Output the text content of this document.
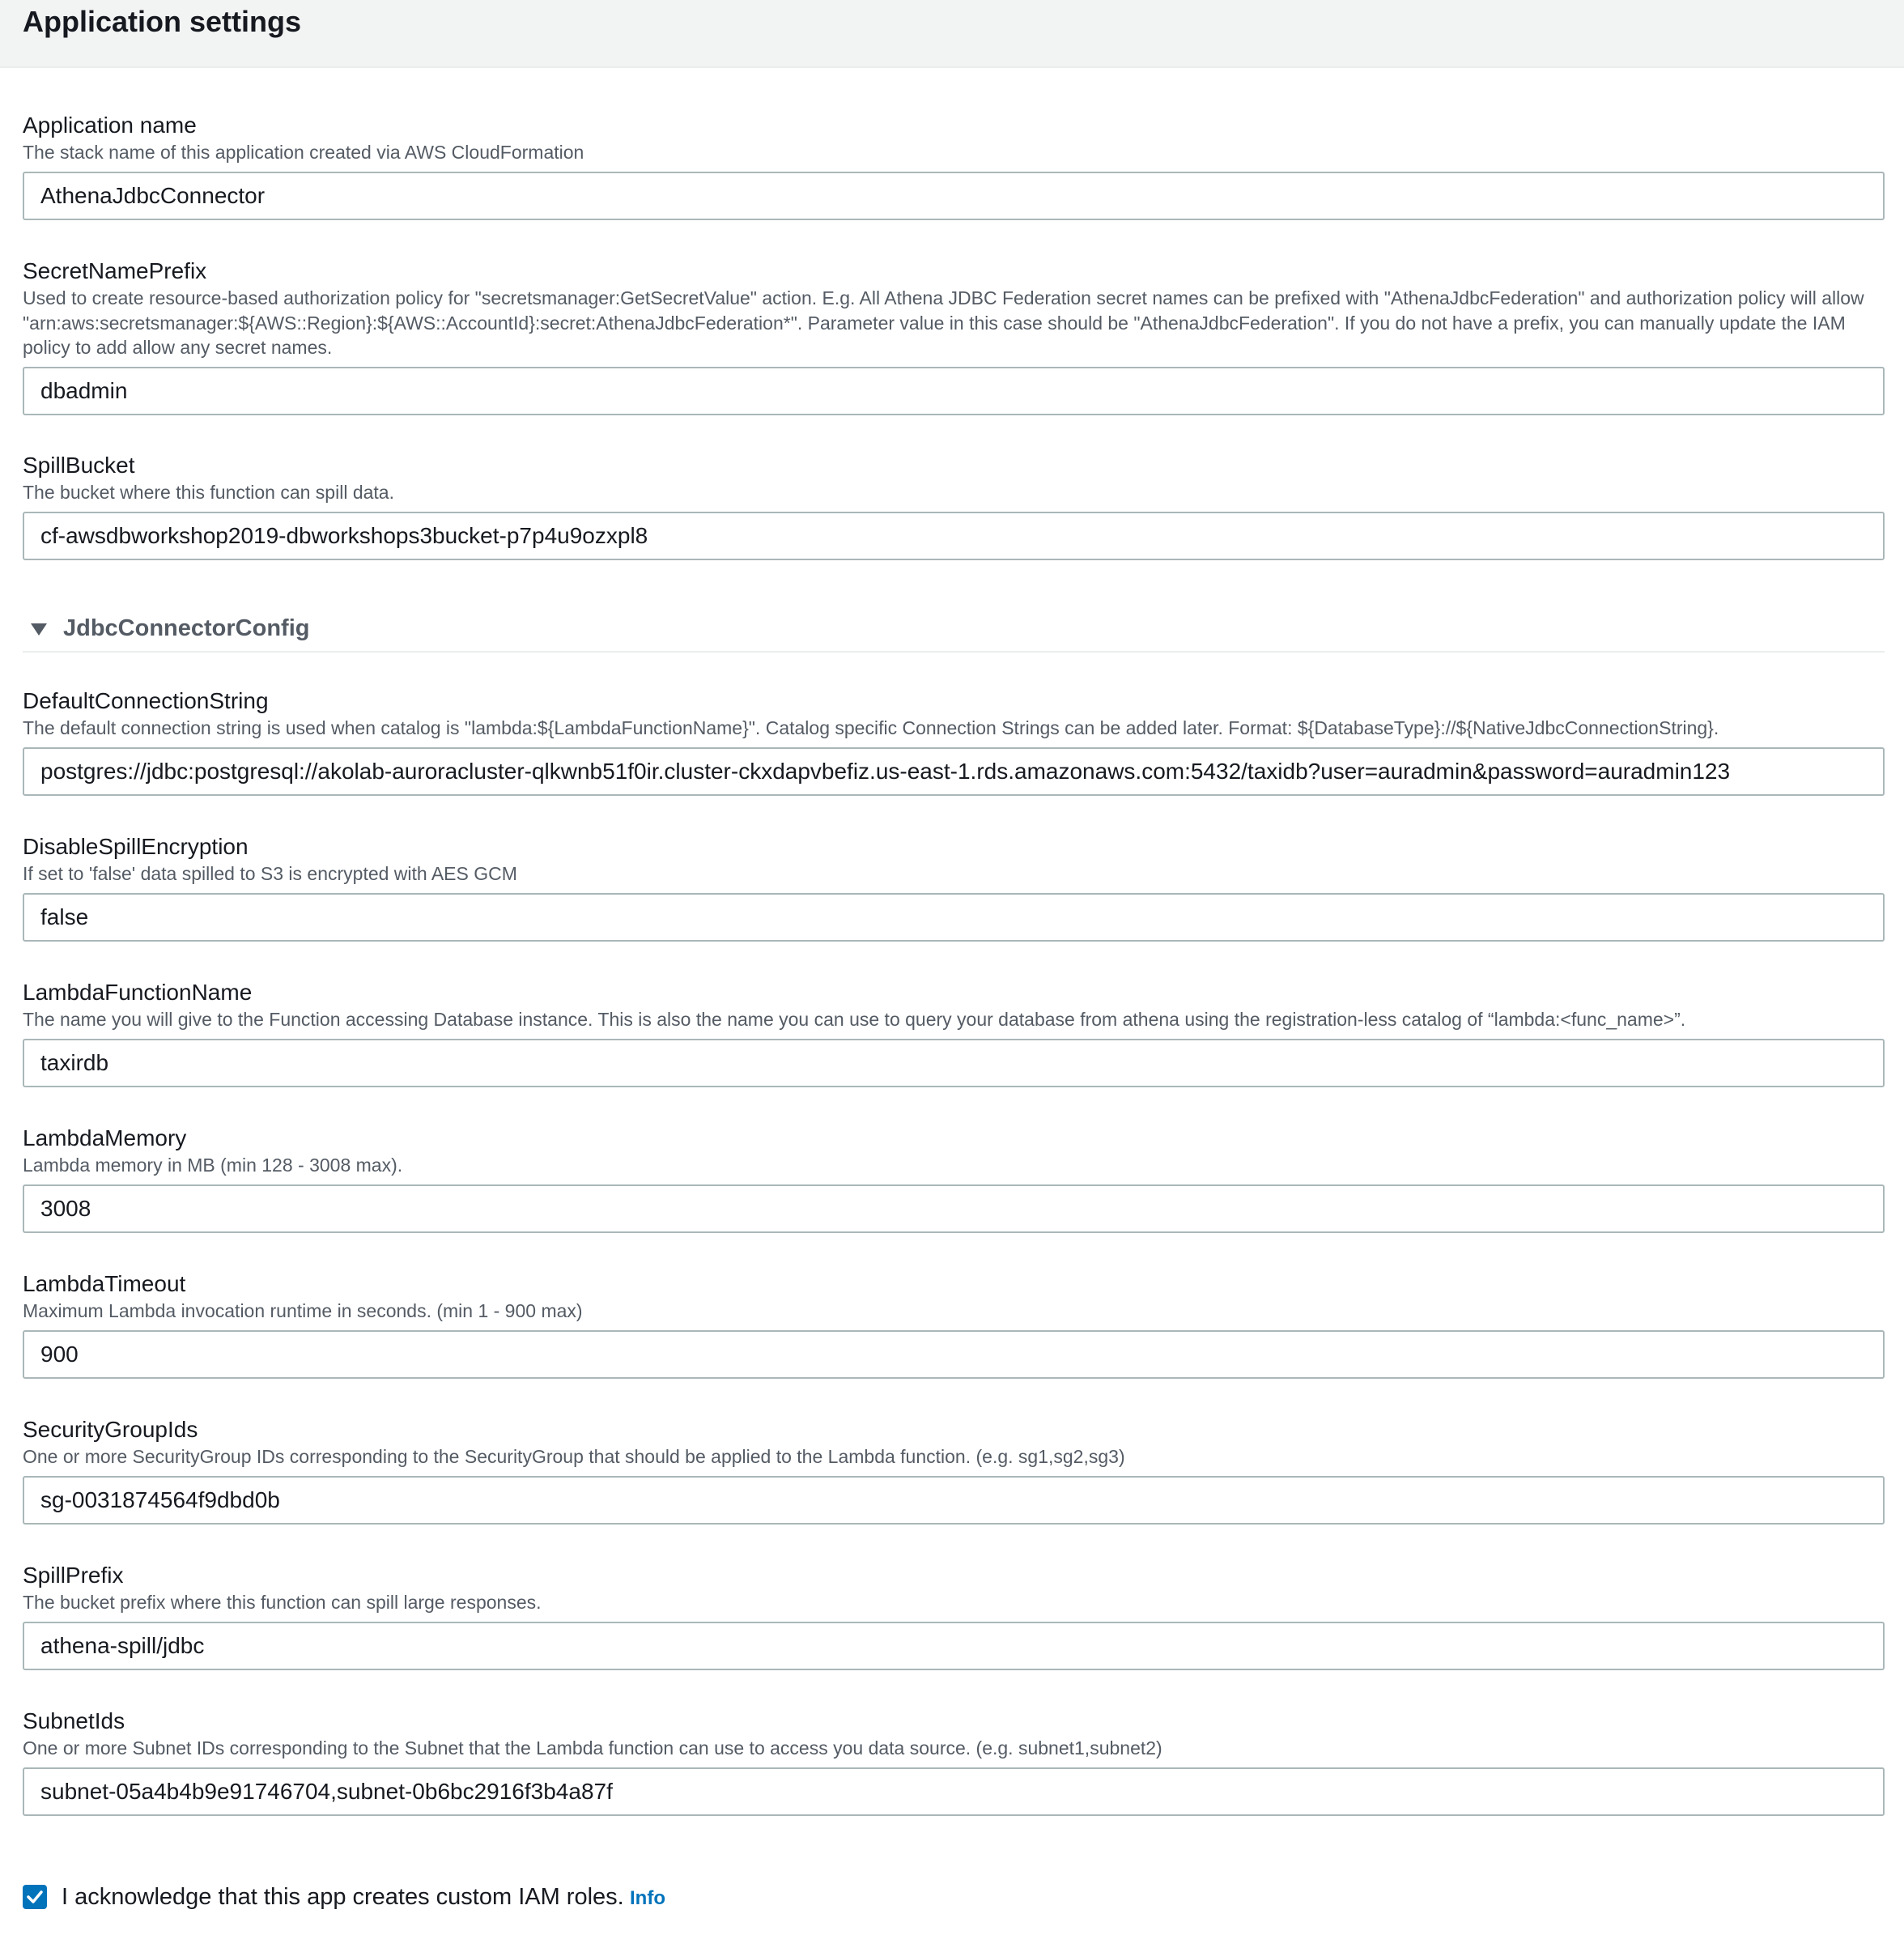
Application settings
Application name
The stack name of this application created via AWS CloudFormation
AthenaJdbcConnector
SecretNamePrefix
Used to create resource-based authorization policy for "secretsmanager:GetSecretValue" action. E.g. All Athena JDBC Federation secret names can be prefixed with "AthenaJdbcFederation" and authorization policy will allow "arn:aws:secretsmanager:${AWS::Region}:${AWS::AccountId}:secret:AthenaJdbcFederation*". Parameter value in this case should be "AthenaJdbcFederation". If you do not have a prefix, you can manually update the IAM policy to add allow any secret names.
dbadmin
SpillBucket
The bucket where this function can spill data.
cf-awsdbworkshop2019-dbworkshops3bucket-p7p4u9ozxpl8
JdbcConnectorConfig
DefaultConnectionString
The default connection string is used when catalog is "lambda:${LambdaFunctionName}". Catalog specific Connection Strings can be added later. Format: ${DatabaseType}://${NativeJdbcConnectionString}.
postgres://jdbc:postgresql://akolab-auroracluster-qlkwnb51f0ir.cluster-ckxdapvbefiz.us-east-1.rds.amazonaws.com:5432/taxidb?user=auradmin&password=auradmin123
DisableSpillEncryption
If set to 'false' data spilled to S3 is encrypted with AES GCM
false
LambdaFunctionName
The name you will give to the Function accessing Database instance. This is also the name you can use to query your database from athena using the registration-less catalog of “lambda:<func_name>”.
taxirdb
LambdaMemory
Lambda memory in MB (min 128 - 3008 max).
3008
LambdaTimeout
Maximum Lambda invocation runtime in seconds. (min 1 - 900 max)
900
SecurityGroupIds
One or more SecurityGroup IDs corresponding to the SecurityGroup that should be applied to the Lambda function. (e.g. sg1,sg2,sg3)
sg-0031874564f9dbd0b
SpillPrefix
The bucket prefix where this function can spill large responses.
athena-spill/jdbc
SubnetIds
One or more Subnet IDs corresponding to the Subnet that the Lambda function can use to access you data source. (e.g. subnet1,subnet2)
subnet-05a4b4b9e91746704,subnet-0b6bc2916f3b4a87f
I acknowledge that this app creates custom IAM roles. Info
